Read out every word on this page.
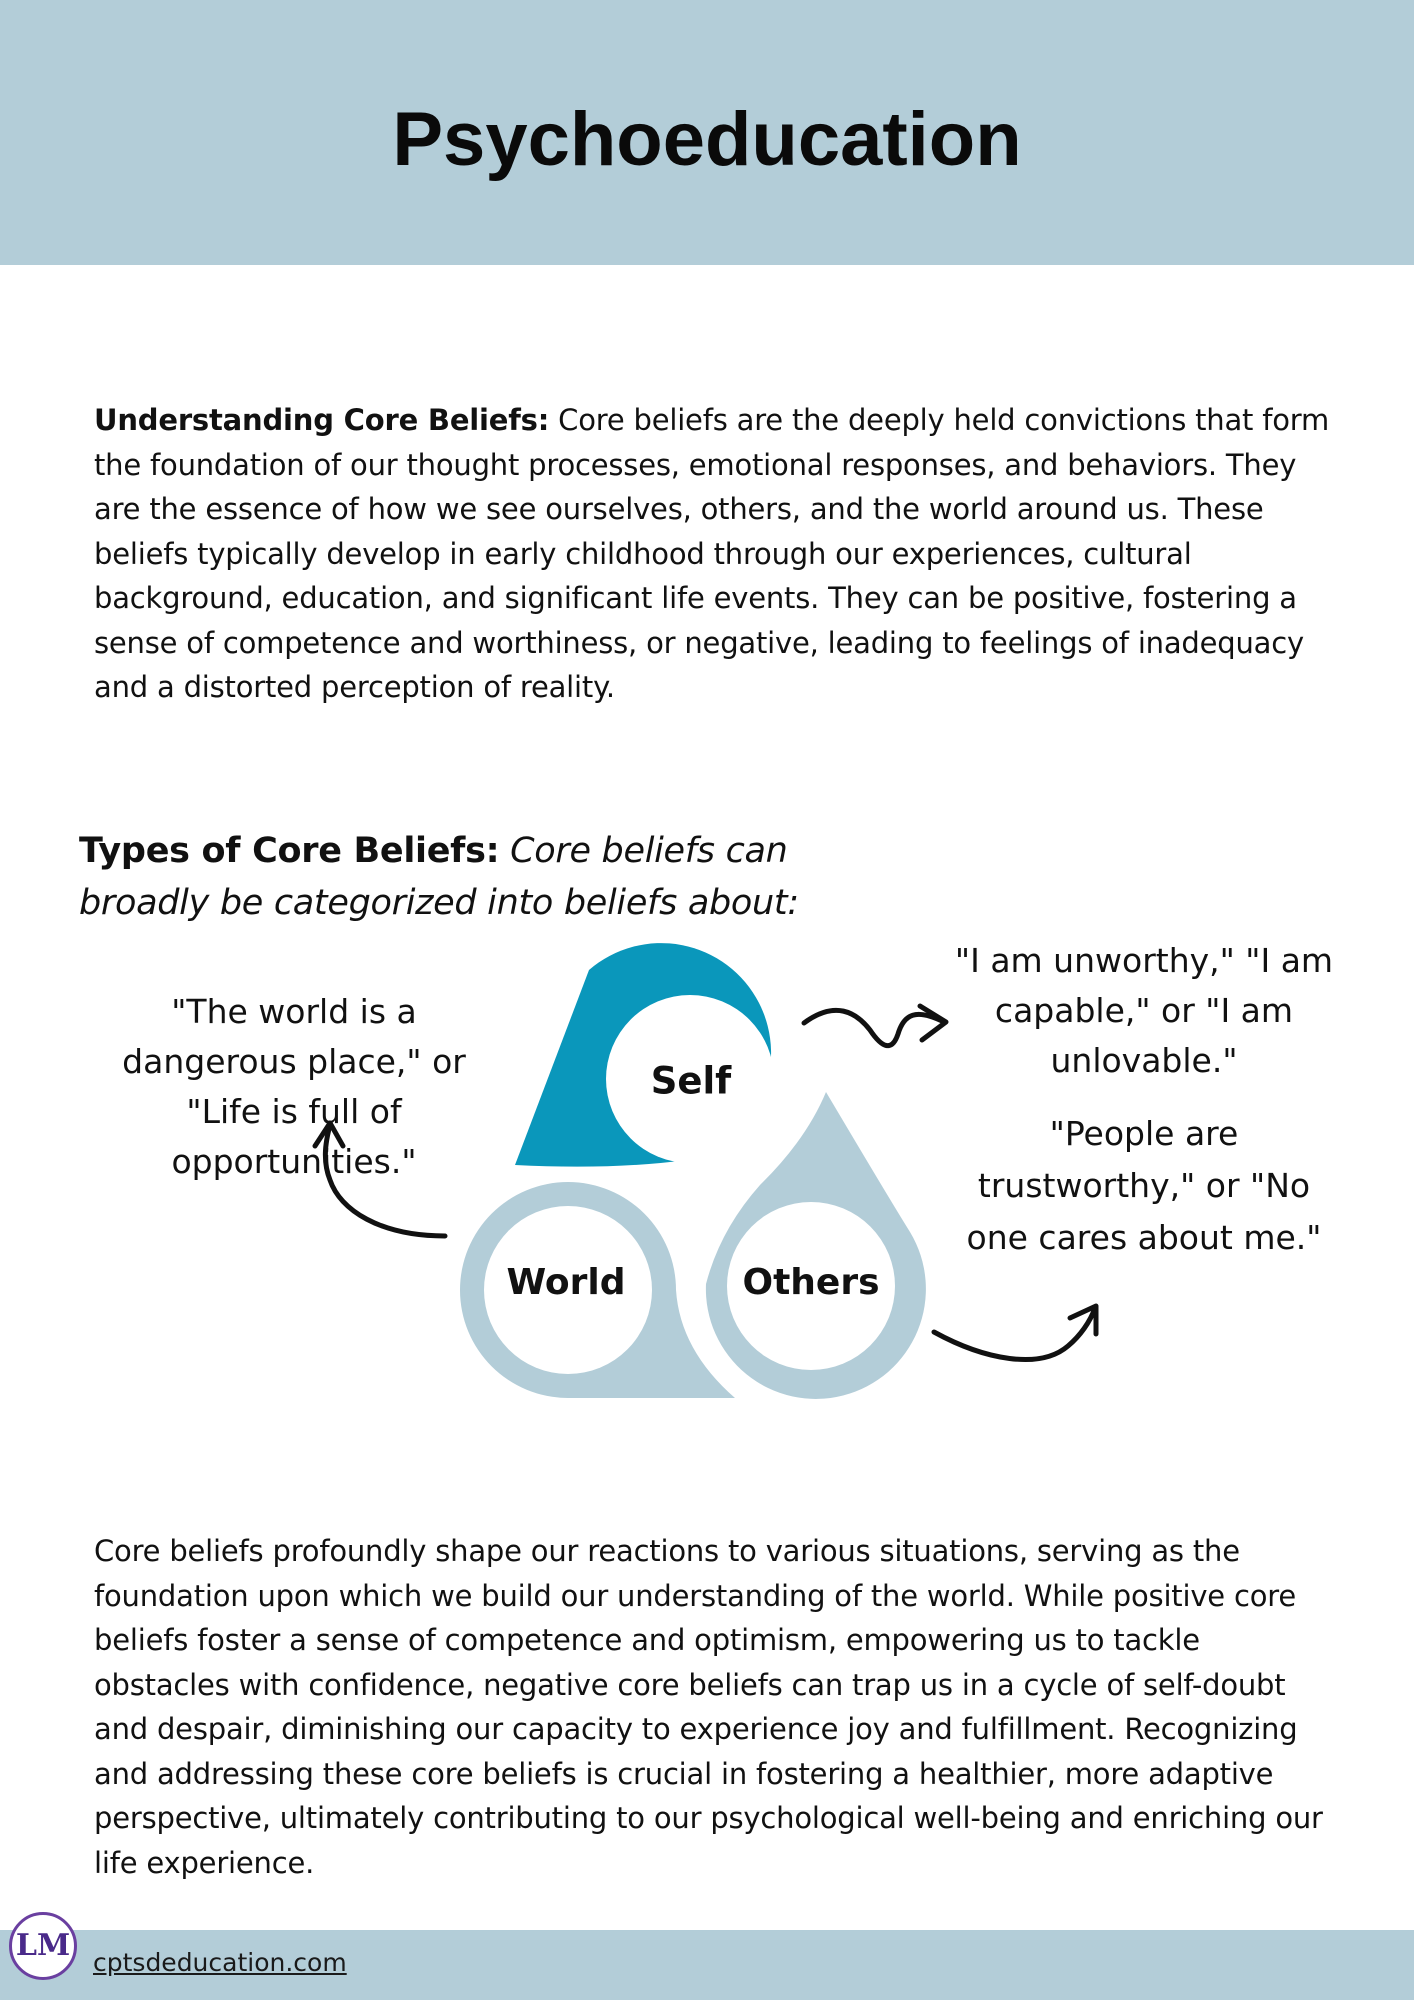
Psychoeducation

Understanding Core Beliefs: Core beliefs are the deeply held convictions that form the foundation of our thought processes, emotional responses, and behaviors. They are the essence of how we see ourselves, others, and the world around us. These beliefs typically develop in early childhood through our experiences, cultural background, education, and significant life events. They can be positive, fostering a sense of competence and worthiness, or negative, leading to feelings of inadequacy and a distorted perception of reality.

Types of Core Beliefs: Core beliefs can broadly be categorized into beliefs about:

Self
World	Others

"The world is a dangerous place," or "Life is full of opportunities."

"I am unworthy," "I am capable," or "I am unlovable."

"People are trustworthy," or "No one cares about me."

Core beliefs profoundly shape our reactions to various situations, serving as the foundation upon which we build our understanding of the world. While positive core beliefs foster a sense of competence and optimism, empowering us to tackle obstacles with confidence, negative core beliefs can trap us in a cycle of self-doubt and despair, diminishing our capacity to experience joy and fulfillment. Recognizing and addressing these core beliefs is crucial in fostering a healthier, more adaptive perspective, ultimately contributing to our psychological well-being and enriching our life experience.

LM cptsdeducation.com
